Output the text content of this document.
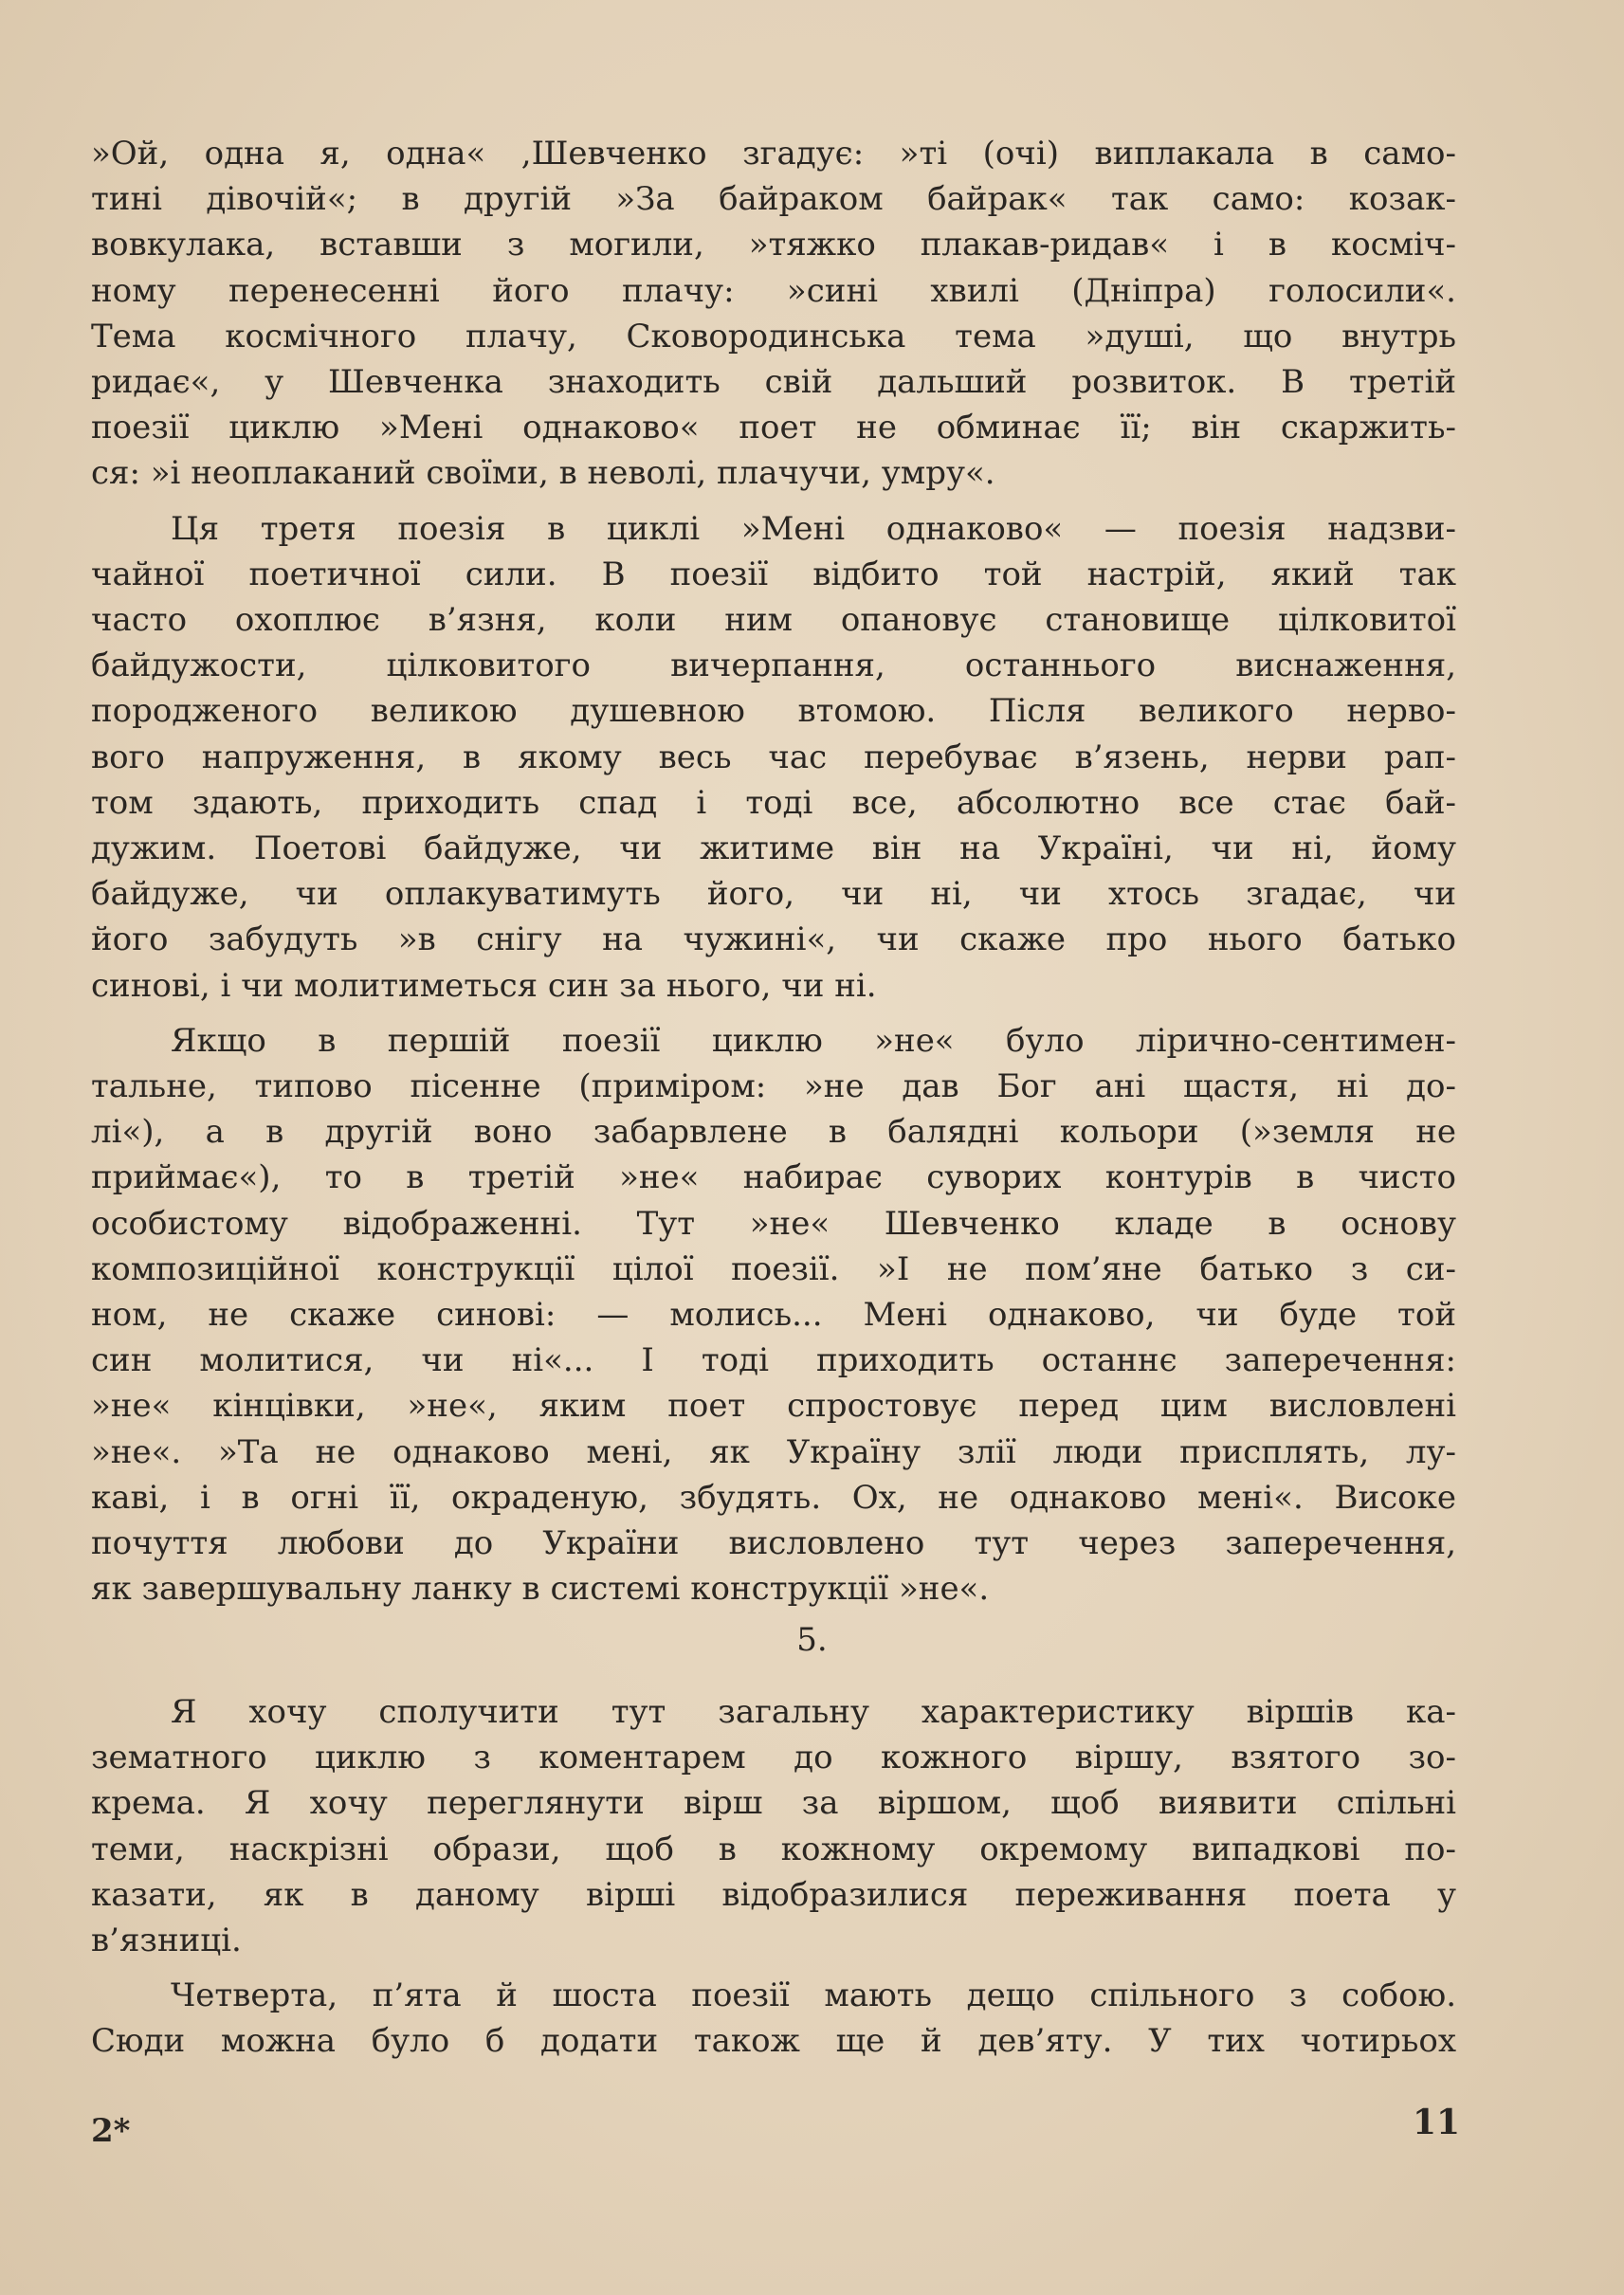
»Ой, одна я, одна« ,Шевченко згадує: »ті (очі) виплакала в само-
тині дівочій«; в другій »За байраком байрак« так само: козак-
вовкулака, вставши з могили, »тяжко плакав-ридав« і в косміч-
ному перенесенні його плачу: »сині хвилі (Дніпра) голосили«.
Тема космічного плачу, Сковородинська тема »душі, що внутрь
ридає«, у Шевченка знаходить свій дальший розвиток. В третій
поезії циклю »Мені однаково« поет не обминає її; він скаржить-
ся: »і неоплаканий своїми, в неволі, плачучи, умру«.
Ця третя поезія в циклі »Мені однаково« — поезія надзви-
чайної поетичної сили. В поезії відбито той настрій, який так
часто охоплює в’язня, коли ним опановує становище цілковитої
байдужости, цілковитого вичерпання, останнього виснаження,
породженого великою душевною втомою. Після великого нерво-
вого напруження, в якому весь час перебуває в’язень, нерви рап-
том здають, приходить спад і тоді все, абсолютно все стає бай-
дужим. Поетові байдуже, чи житиме він на Україні, чи ні, йому
байдуже, чи оплакуватимуть його, чи ні, чи хтось згадає, чи
його забудуть »в снігу на чужині«, чи скаже про нього батько
синові, і чи молитиметься син за нього, чи ні.
Якщо в першій поезії циклю »не« було лірично-сентимен-
тальне, типово пісенне (приміром: »не дав Бог ані щастя, ні до-
лі«), а в другій воно забарвлене в балядні кольори (»земля не
приймає«), то в третій »не« набирає суворих контурів в чисто
особистому відображенні. Тут »не« Шевченко кладе в основу
композиційної конструкції цілої поезії. »І не пом’яне батько з си-
ном, не скаже синові: — молись... Мені однаково, чи буде той
син молитися, чи ні«... І тоді приходить останнє заперечення:
»не« кінцівки, »не«, яким поет спростовує перед цим висловлені
»не«. »Та не однаково мені, як Україну злії люди присплять, лу-
каві, і в огні її, окраденую, збудять. Ох, не однаково мені«. Високе
почуття любови до України висловлено тут через заперечення,
як завершувальну ланку в системі конструкції »не«.
5.
Я хочу сполучити тут загальну характеристику віршів ка-
зематного циклю з коментарем до кожного віршу, взятого зо-
крема. Я хочу переглянути вірш за віршом, щоб виявити спільні
теми, наскрізні образи, щоб в кожному окремому випадкові по-
казати, як в даному вірші відобразилися переживання поета у
в’язниці.
Четверта, п’ята й шоста поезії мають дещо спільного з собою.
Сюди можна було б додати також ще й дев’яту. У тих чотирьох
2*	11
